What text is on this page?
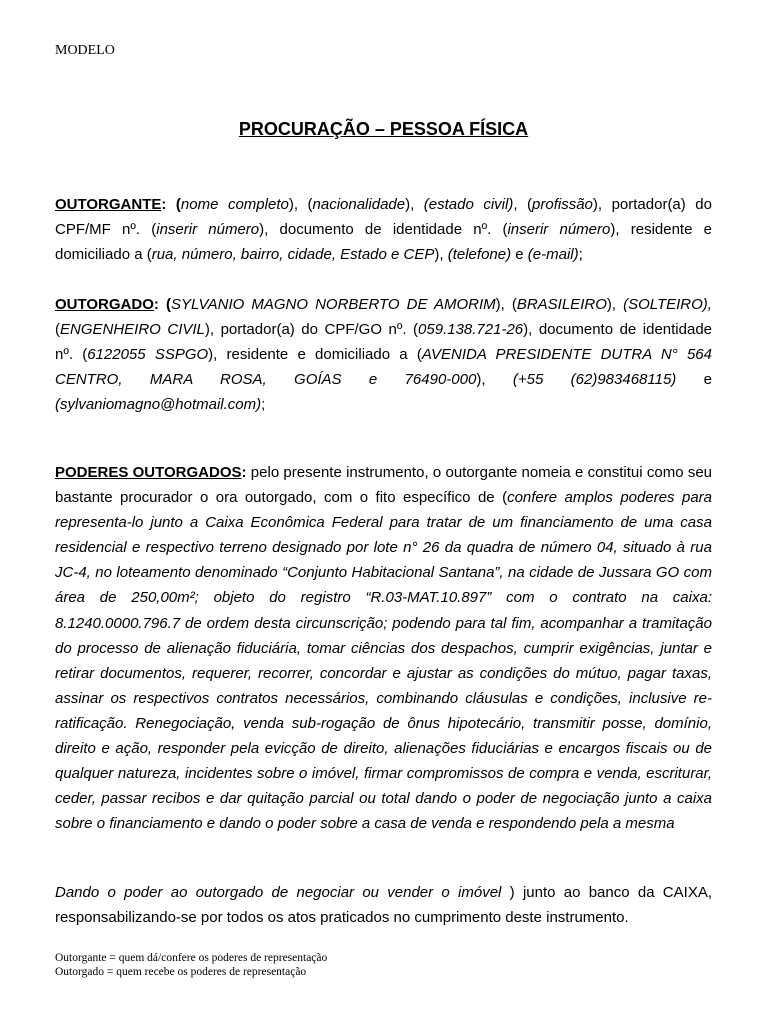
MODELO
PROCURAÇÃO – PESSOA FÍSICA

OUTORGANTE: (nome completo), (nacionalidade), (estado civil), (profissão), portador(a) do CPF/MF nº. (inserir número), documento de identidade nº. (inserir número), residente e domiciliado a (rua, número, bairro, cidade, Estado e CEP), (telefone) e (e-mail);

OUTORGADO: (SYLVANIO MAGNO NORBERTO DE AMORIM), (BRASILEIRO), (SOLTEIRO), (ENGENHEIRO CIVIL), portador(a) do CPF/GO nº. (059.138.721-26), documento de identidade nº. (6122055 SSPGO), residente e domiciliado a (AVENIDA PRESIDENTE DUTRA N° 564 CENTRO, MARA ROSA, GOÍAS e 76490-000), (+55 (62)983468115) e (sylvaniomagno@hotmail.com);

PODERES OUTORGADOS: pelo presente instrumento, o outorgante nomeia e constitui como seu bastante procurador o ora outorgado, com o fito específico de (confere amplos poderes para representa-lo junto a Caixa Econômica Federal para tratar de um financiamento de uma casa residencial e respectivo terreno designado por lote n° 26 da quadra de número 04, situado à rua JC-4, no loteamento denominado “Conjunto Habitacional Santana”, na cidade de Jussara GO com área de 250,00m²; objeto do registro “R.03-MAT.10.897” com o contrato na caixa: 8.1240.0000.796.7 de ordem desta circunscrição; podendo para tal fim, acompanhar a tramitação do processo de alienação fiduciária, tomar ciências dos despachos, cumprir exigências, juntar e retirar documentos, requerer, recorrer, concordar e ajustar as condições do mútuo, pagar taxas, assinar os respectivos contratos necessários, combinando cláusulas e condições, inclusive re-ratificação. Renegociação, venda sub-rogação de ônus hipotecário, transmitir posse, domínio, direito e ação, responder pela evicção de direito, alienações fiduciárias e encargos fiscais ou de qualquer natureza, incidentes sobre o imóvel, firmar compromissos de compra e venda, escriturar, ceder, passar recibos e dar quitação parcial ou total dando o poder de negociação junto a caixa sobre o financiamento e dando o poder sobre a casa de venda e respondendo pela a mesma

Dando o poder ao outorgado de negociar ou vender o imóvel ) junto ao banco da CAIXA, responsabilizando-se por todos os atos praticados no cumprimento deste instrumento.

Outorgante = quem dá/confere os poderes de representação
Outorgado = quem recebe os poderes de representação
